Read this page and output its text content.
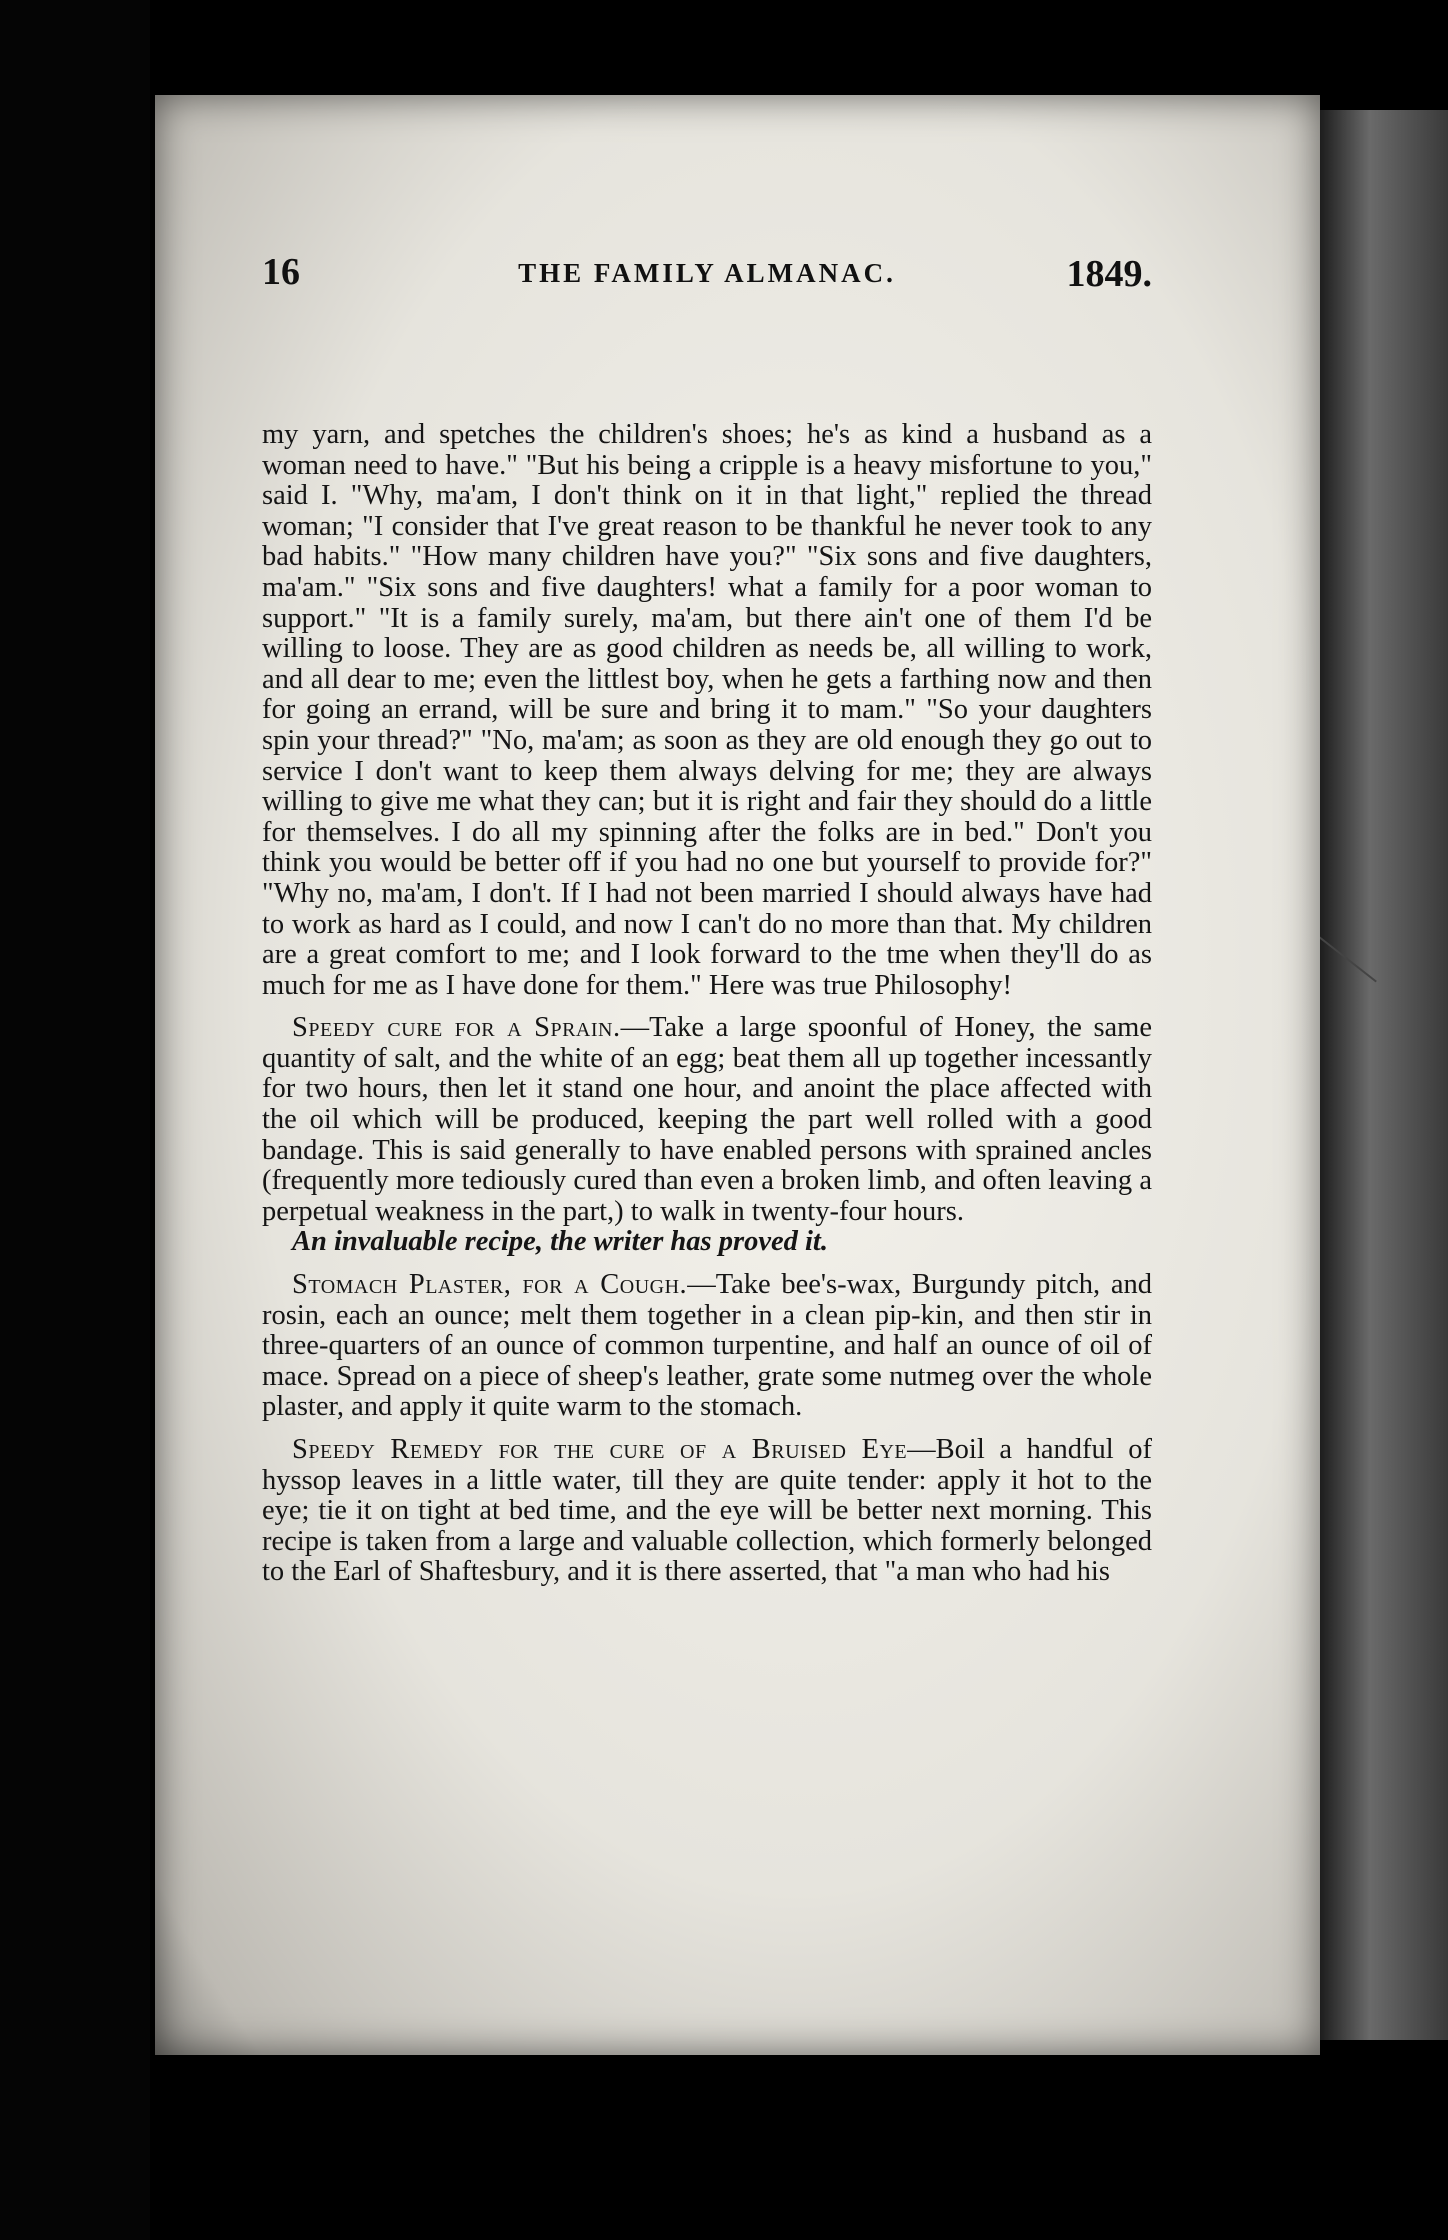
16	THE FAMILY ALMANAC.	1849.

my yarn, and spetches the children's shoes; he's as kind a husband as a woman need to have." "But his being a cripple is a heavy misfortune to you," said I. "Why, ma'am, I don't think on it in that light," replied the thread woman; "I consider that I've great reason to be thankful he never took to any bad habits." "How many children have you?" "Six sons and five daughters, ma'am." "Six sons and five daughters! what a family for a poor woman to support." "It is a family surely, ma'am, but there ain't one of them I'd be willing to loose. They are as good children as needs be, all willing to work, and all dear to me; even the littlest boy, when he gets a farthing now and then for going an errand, will be sure and bring it to mam." "So your daughters spin your thread?" "No, ma'am; as soon as they are old enough they go out to service I don't want to keep them always delving for me; they are always willing to give me what they can; but it is right and fair they should do a little for themselves. I do all my spinning after the folks are in bed." Don't you think you would be better off if you had no one but yourself to provide for?" "Why no, ma'am, I don't. If I had not been married I should always have had to work as hard as I could, and now I can't do no more than that. My children are a great comfort to me; and I look forward to the tme when they'll do as much for me as I have done for them." Here was true Philosophy!

Speedy cure for a Sprain.—Take a large spoonful of Honey, the same quantity of salt, and the white of an egg; beat them all up together incessantly for two hours, then let it stand one hour, and anoint the place affected with the oil which will be produced, keeping the part well rolled with a good bandage. This is said generally to have enabled persons with sprained ancles (frequently more tediously cured than even a broken limb, and often leaving a perpetual weakness in the part,) to walk in twenty-four hours.

An invaluable recipe, the writer has proved it.

Stomach Plaster, for a Cough.—Take bee's-wax, Burgundy pitch, and rosin, each an ounce; melt them together in a clean pip-kin, and then stir in three-quarters of an ounce of common turpentine, and half an ounce of oil of mace. Spread on a piece of sheep's leather, grate some nutmeg over the whole plaster, and apply it quite warm to the stomach.

Speedy Remedy for the cure of a Bruised Eye—Boil a handful of hyssop leaves in a little water, till they are quite tender: apply it hot to the eye; tie it on tight at bed time, and the eye will be better next morning. This recipe is taken from a large and valuable collection, which formerly belonged to the Earl of Shaftesbury, and it is there asserted, that "a man who had his
